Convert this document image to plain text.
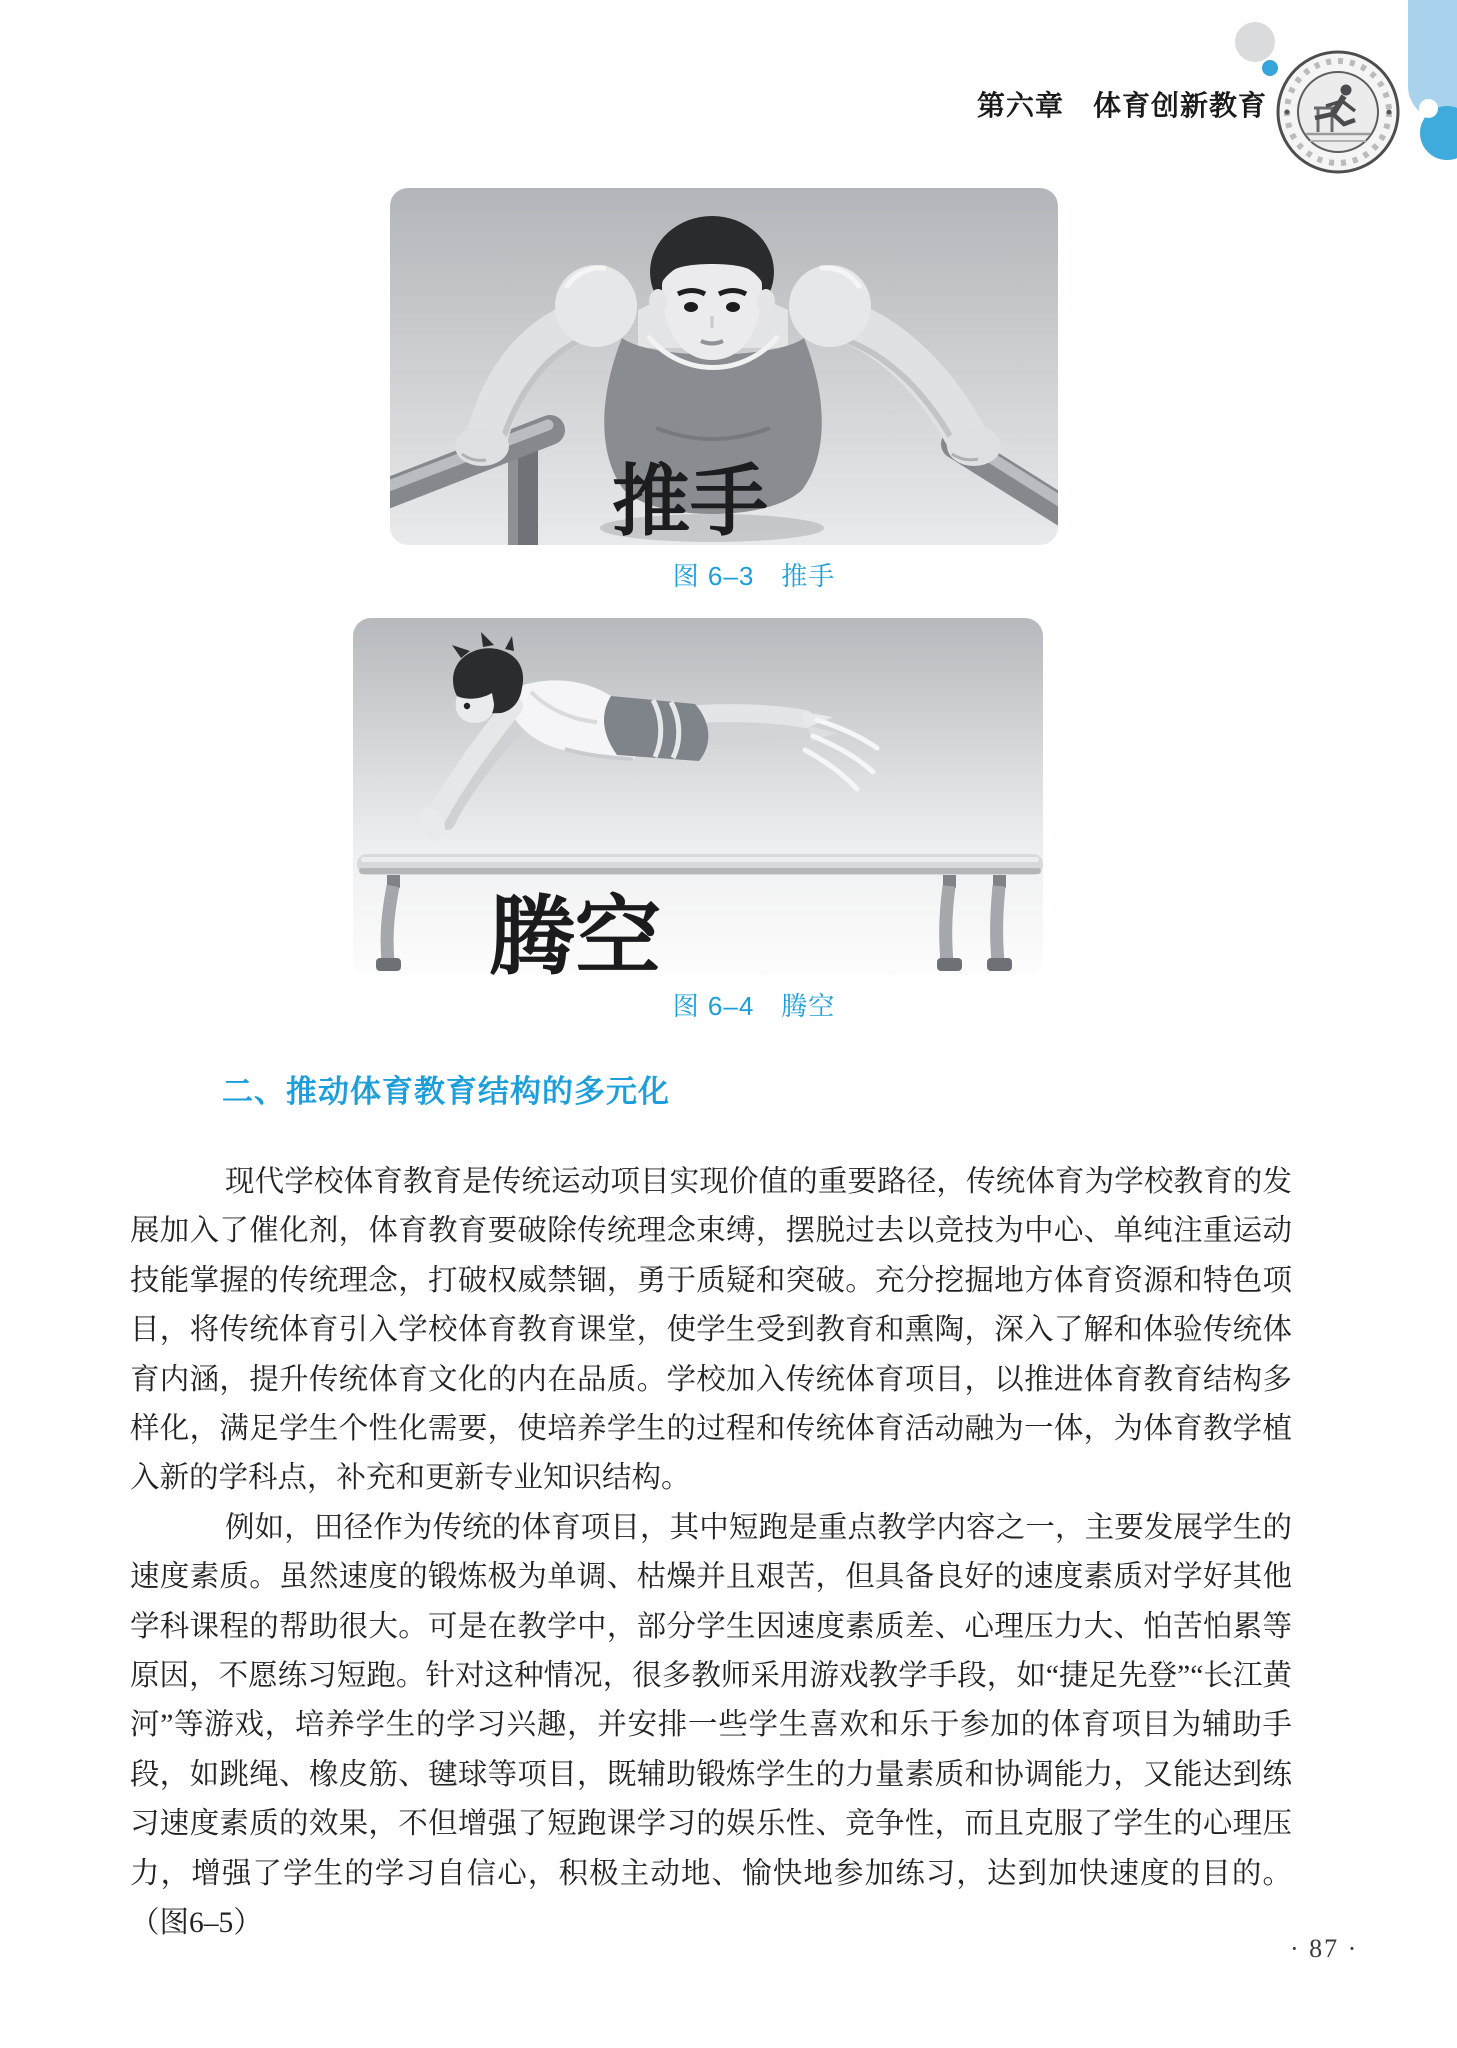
第六章　体育创新教育
推手
图 6–3　推手
腾空
图 6–4　腾空
二、推动体育教育结构的多元化

现代学校体育教育是传统运动项目实现价值的重要路径，传统体育为学校教育的发展加入了催化剂，体育教育要破除传统理念束缚，摆脱过去以竞技为中心、单纯注重运动技能掌握的传统理念，打破权威禁锢，勇于质疑和突破。充分挖掘地方体育资源和特色项目，将传统体育引入学校体育教育课堂，使学生受到教育和熏陶，深入了解和体验传统体育内涵，提升传统体育文化的内在品质。学校加入传统体育项目，以推进体育教育结构多样化，满足学生个性化需要，使培养学生的过程和传统体育活动融为一体，为体育教学植入新的学科点，补充和更新专业知识结构。

例如，田径作为传统的体育项目，其中短跑是重点教学内容之一，主要发展学生的速度素质。虽然速度的锻炼极为单调、枯燥并且艰苦，但具备良好的速度素质对学好其他学科课程的帮助很大。可是在教学中，部分学生因速度素质差、心理压力大、怕苦怕累等原因，不愿练习短跑。针对这种情况，很多教师采用游戏教学手段，如“捷足先登”“长江黄河”等游戏，培养学生的学习兴趣，并安排一些学生喜欢和乐于参加的体育项目为辅助手段，如跳绳、橡皮筋、毽球等项目，既辅助锻炼学生的力量素质和协调能力，又能达到练习速度素质的效果，不但增强了短跑课学习的娱乐性、竞争性，而且克服了学生的心理压力，增强了学生的学习自信心，积极主动地、愉快地参加练习，达到加快速度的目的。（图6–5）

· 87 ·
